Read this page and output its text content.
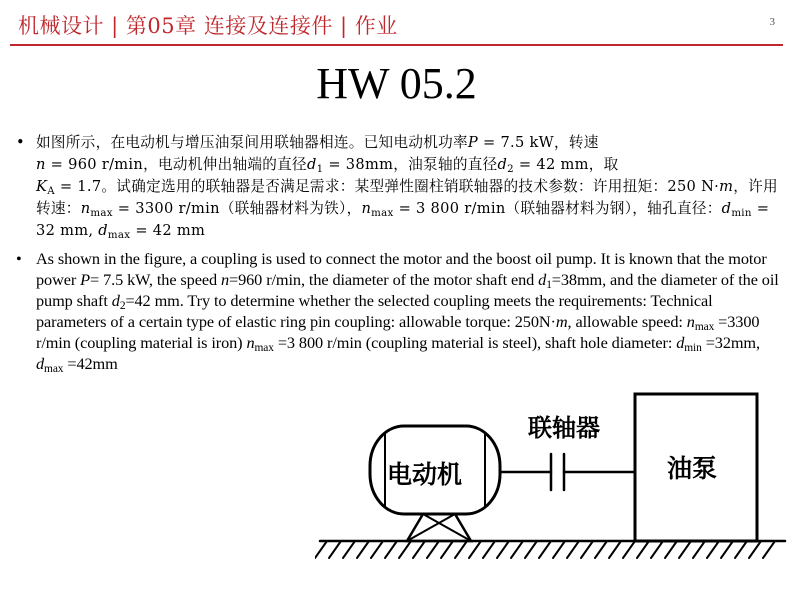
机械设计 | 第05章 连接及连接件 | 作业	3
HW 05.2
• 如图所示，在电动机与增压油泵间用联轴器相连。已知电动机功率P = 7.5 kW，转速
n = 960 r/min，电动机伸出轴端的直径$d_1 = 38mm$，油泵轴的直径$d_2 = 42$ mm，取
$K_A = 1.7$。试确定选用的联轴器是否满足需求：某型弹性圈柱销联轴器的技术参数：许用扭矩：250 N·m，许用转速：$n_{max} = 3300$ r/min（联轴器材料为铁），$n_{max} = 3$ 800 r/min（联轴器材料为钢），轴孔直径：$d_{min} = 32$ mm, $d_{max} = 42$ mm
• As shown in the figure, a coupling is used to connect the motor and the boost oil pump. It is known that the motor power P= 7.5 kW, the speed n=960 r/min, the diameter of the motor shaft end $d_1=38mm$, and the diameter of the oil pump shaft $d_2=42$ mm. Try to determine whether the selected coupling meets the requirements: Technical parameters of a certain type of elastic ring pin coupling: allowable torque: 250N·m, allowable speed: $n_{max} =3300$ r/min (coupling material is iron) $n_{max} =3$ 800 r/min (coupling material is steel), shaft hole diameter: $d_{min} =32mm$, $d_{max} =42mm$
电动机
联轴器
油泵
